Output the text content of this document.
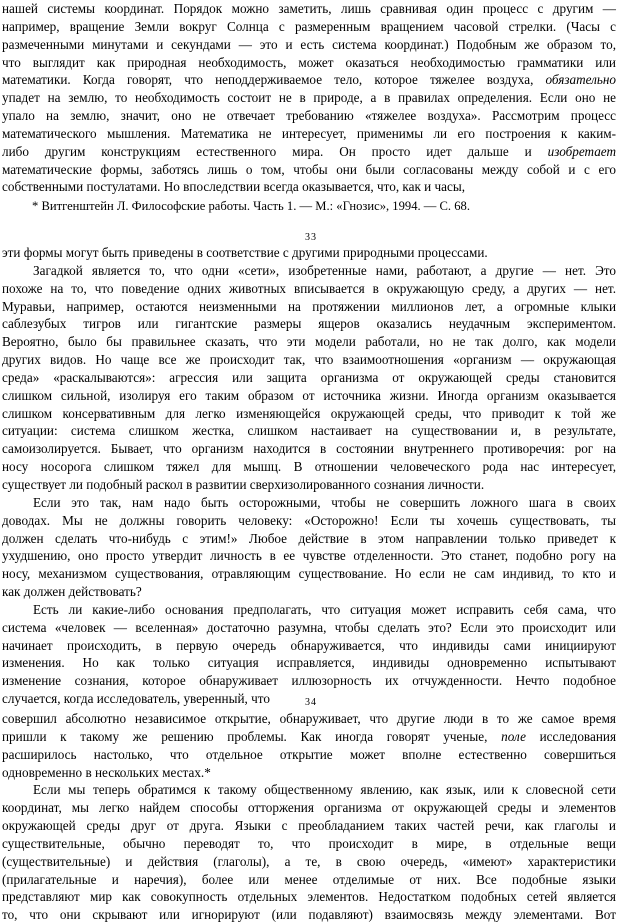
нашей системы координат. Порядок можно заметить, лишь сравнивая один процесс с другим —
например, вращение Земли вокруг Солнца с размеренным вращением часовой стрелки. (Часы с
размеченными минутами и секундами — это и есть система координат.) Подобным же образом то,
что выглядит как природная необходимость, может оказаться необходимостью грамматики или
математики. Когда говорят, что неподдерживаемое тело, которое тяжелее воздуха, обязательно
упадет на землю, то необходимость состоит не в природе, а в правилах определения. Если оно не
упало на землю, значит, оно не отвечает требованию «тяжелее воздуха». Рассмотрим процесс
математического мышления. Математика не интересует, применимы ли его построения к каким-
либо другим конструкциям естественного мира. Он просто идет дальше и изобретает
математические формы, заботясь лишь о том, чтобы они были согласованы между собой и с его
собственными постулатами. Но впоследствии всегда оказывается, что, как и часы,
* Витгенштейн Л. Философские работы. Часть 1. — М.: «Гнозис», 1994. — С. 68.
33
эти формы могут быть приведены в соответствие с другими природными процессами.
Загадкой является то, что одни «сети», изобретенные нами, работают, а другие — нет. Это
похоже на то, что поведение одних животных вписывается в окружающую среду, а других — нет.
Муравьи, например, остаются неизменными на протяжении миллионов лет, а огромные клыки
саблезубых тигров или гигантские размеры ящеров оказались неудачным экспериментом.
Вероятно, было бы правильнее сказать, что эти модели работали, но не так долго, как модели
других видов. Но чаще все же происходит так, что взаимоотношения «организм — окружающая
среда» «раскалываются»: агрессия или защита организма от окружающей среды становится
слишком сильной, изолируя его таким образом от источника жизни. Иногда организм оказывается
слишком консервативным для легко изменяющейся окружающей среды, что приводит к той же
ситуации: система слишком жестка, слишком настаивает на существовании и, в результате,
самоизолируется. Бывает, что организм находится в состоянии внутреннего противоречия: рог на
носу носорога слишком тяжел для мышц. В отношении человеческого рода нас интересует,
существует ли подобный раскол в развитии сверхизолированного сознания личности.
Если это так, нам надо быть осторожными, чтобы не совершить ложного шага в своих
доводах. Мы не должны говорить человеку: «Осторожно! Если ты хочешь существовать, ты
должен сделать что-нибудь с этим!» Любое действие в этом направлении только приведет к
ухудшению, оно просто утвердит личность в ее чувстве отделенности. Это станет, подобно рогу на
носу, механизмом существования, отравляющим существование. Но если не сам индивид, то кто и
как должен действовать?
Есть ли какие-либо основания предполагать, что ситуация может исправить себя сама, что
система «человек — вселенная» достаточно разумна, чтобы сделать это? Если это происходит или
начинает происходить, в первую очередь обнаруживается, что индивиды сами инициируют
изменения. Но как только ситуация исправляется, индивиды одновременно испытывают
изменение сознания, которое обнаруживает иллюзорность их отчужденности. Нечто подобное
случается, когда исследователь, уверенный, что	34
совершил абсолютно независимое открытие, обнаруживает, что другие люди в то же самое время
пришли к такому же решению проблемы. Как иногда говорят ученые, поле исследования
расширилось настолько, что отдельное открытие может вполне естественно совершиться
одновременно в нескольких местах.*
Если мы теперь обратимся к такому общественному явлению, как язык, или к словесной сети
координат, мы легко найдем способы отторжения организма от окружающей среды и элементов
окружающей среды друг от друга. Языки с преобладанием таких частей речи, как глаголы и
существительные, обычно переводят то, что происходит в мире, в отдельные вещи
(существительные) и действия (глаголы), а те, в свою очередь, «имеют» характеристики
(прилагательные и наречия), более или менее отделимые от них. Все подобные языки
представляют мир как совокупность отдельных элементов. Недостатком подобных сетей является
то, что они скрывают или игнорируют (или подавляют) взаимосвязь между элементами. Вот
